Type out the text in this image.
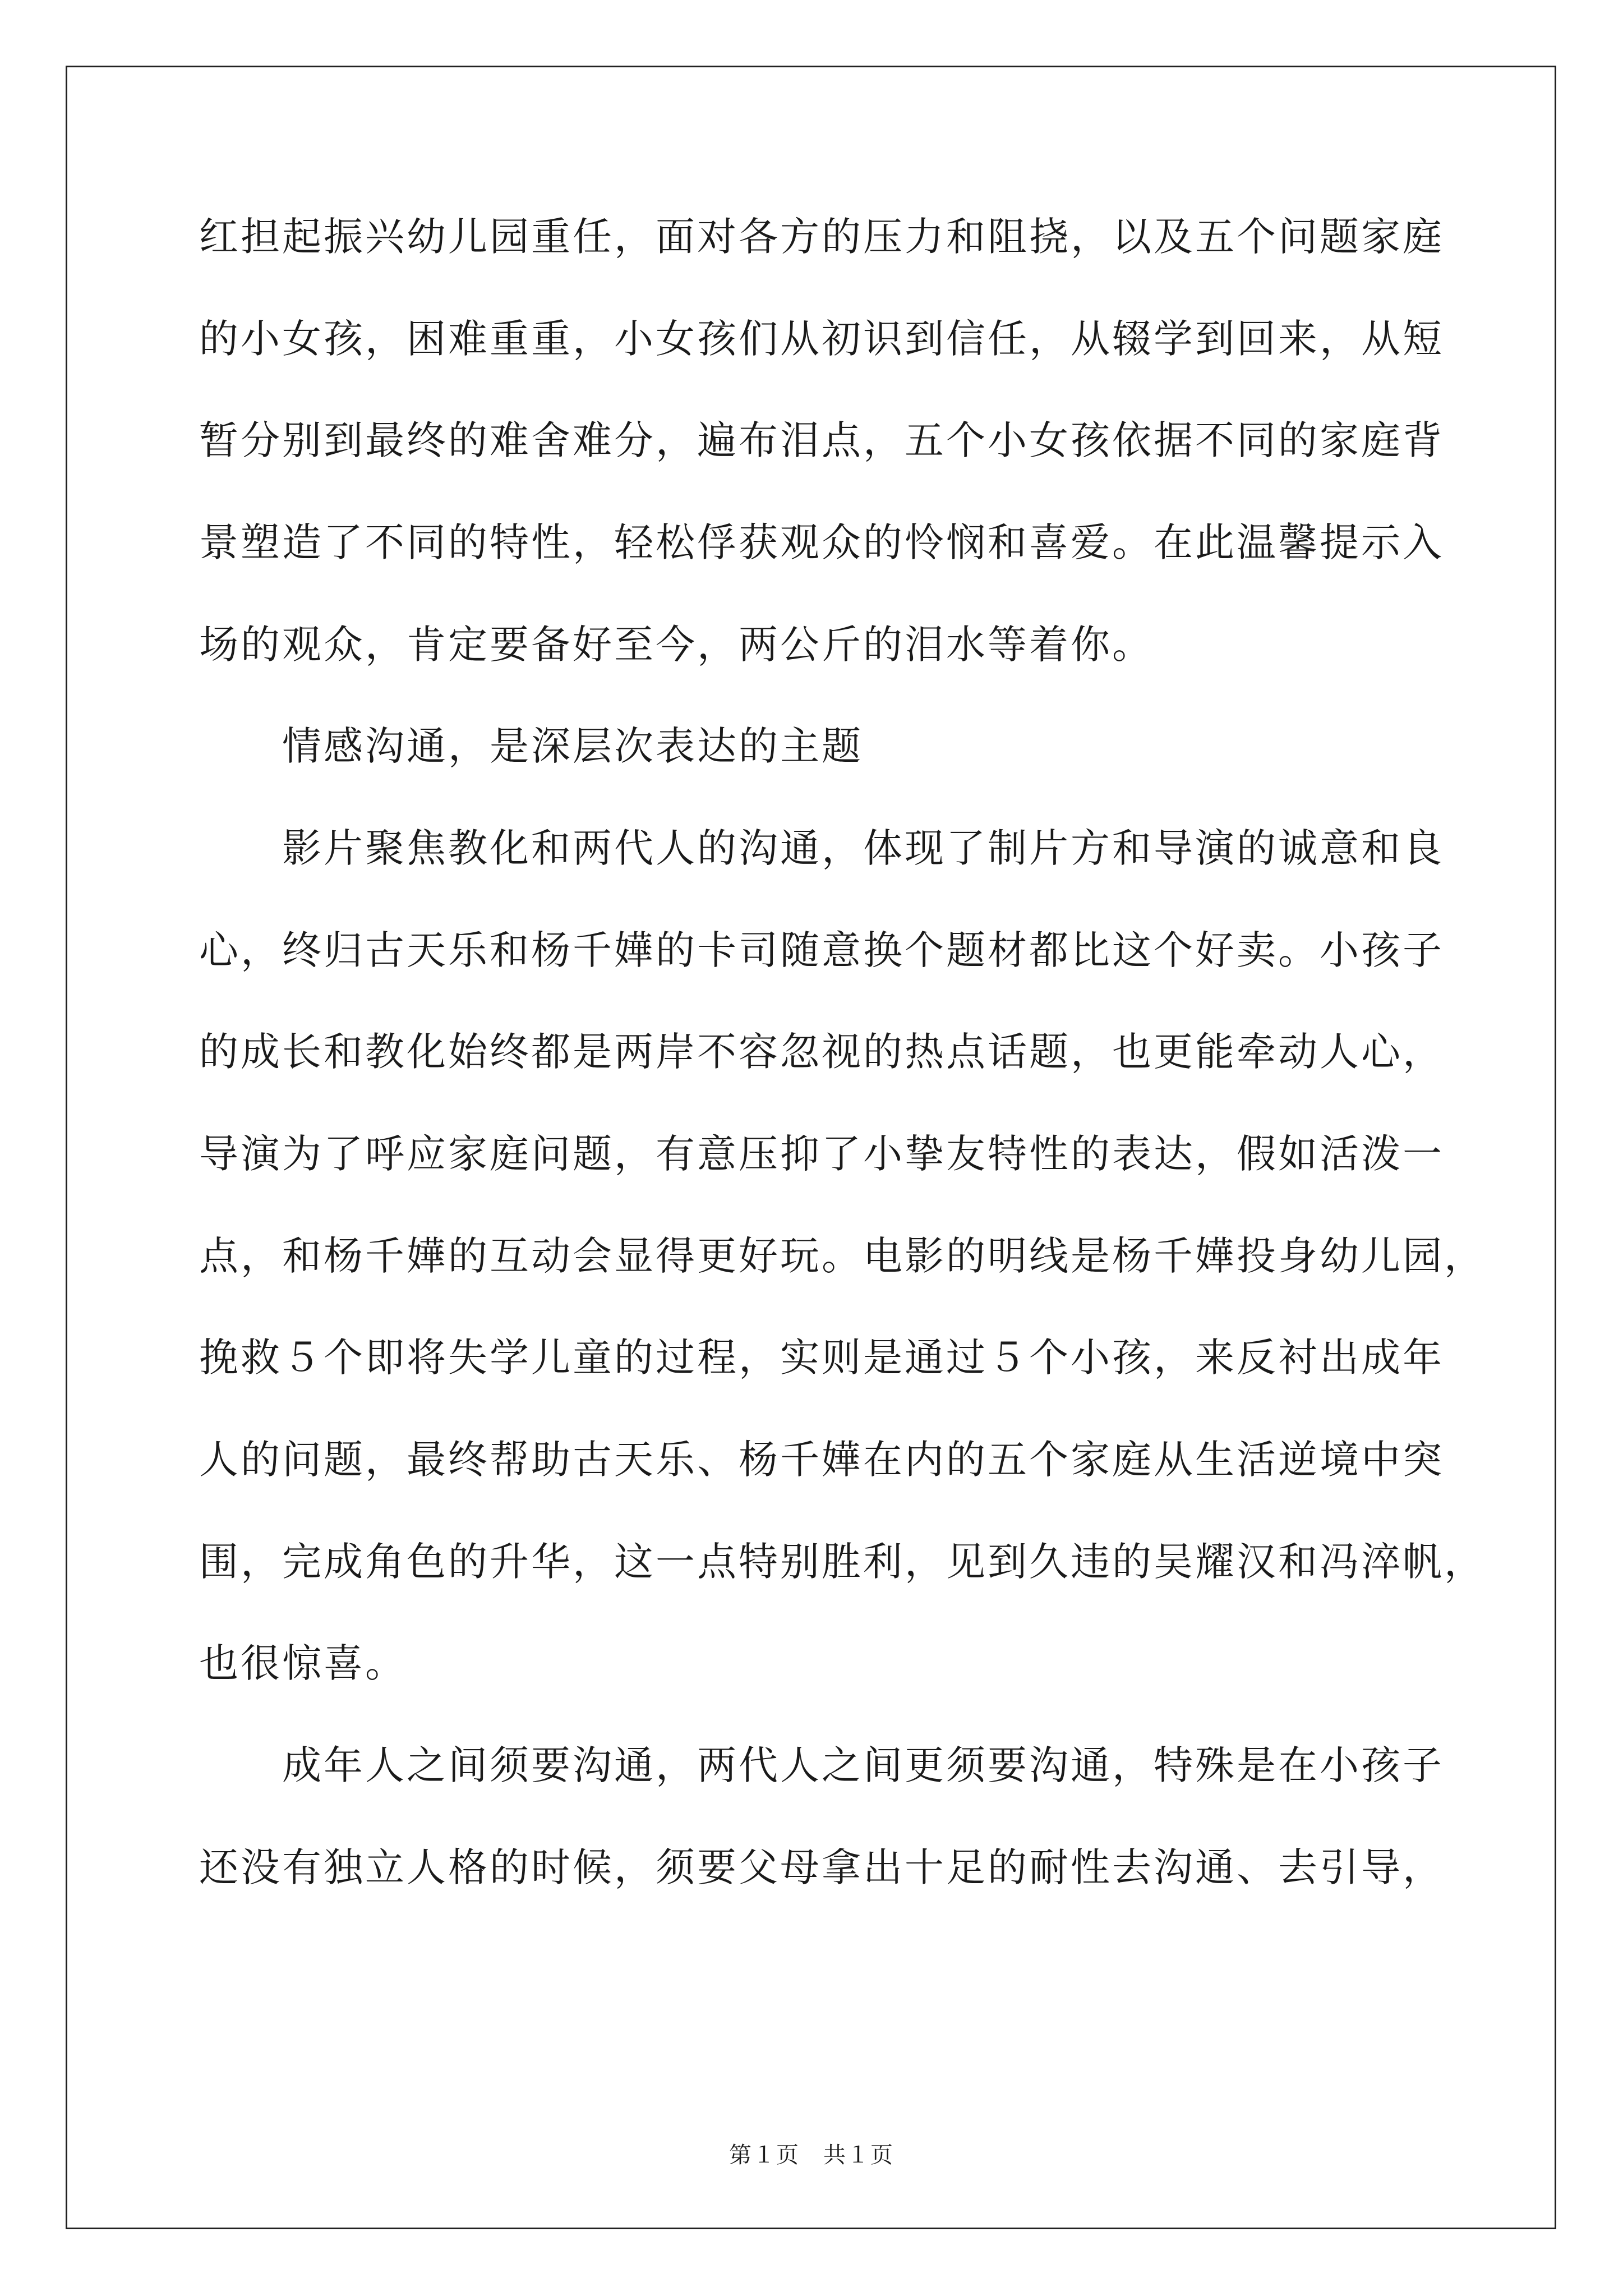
红担起振兴幼儿园重任，面对各方的压力和阻挠，以及五个问题家庭
的小女孩，困难重重，小女孩们从初识到信任，从辍学到回来，从短
暂分别到最终的难舍难分，遍布泪点，五个小女孩依据不同的家庭背
景塑造了不同的特性，轻松俘获观众的怜悯和喜爱。在此温馨提示入
场的观众，肯定要备好至今，两公斤的泪水等着你。
情感沟通，是深层次表达的主题
影片聚焦教化和两代人的沟通，体现了制片方和导演的诚意和良
心，终归古天乐和杨千嬅的卡司随意换个题材都比这个好卖。小孩子
的成长和教化始终都是两岸不容忽视的热点话题，也更能牵动人心，
导演为了呼应家庭问题，有意压抑了小挚友特性的表达，假如活泼一
点，和杨千嬅的互动会显得更好玩。电影的明线是杨千嬅投身幼儿园，
挽救５个即将失学儿童的过程，实则是通过５个小孩，来反衬出成年
人的问题，最终帮助古天乐、杨千嬅在内的五个家庭从生活逆境中突
围，完成角色的升华，这一点特别胜利，见到久违的吴耀汉和冯淬帆，
也很惊喜。
成年人之间须要沟通，两代人之间更须要沟通，特殊是在小孩子
还没有独立人格的时候，须要父母拿出十足的耐性去沟通、去引导，
第１页　共１页
